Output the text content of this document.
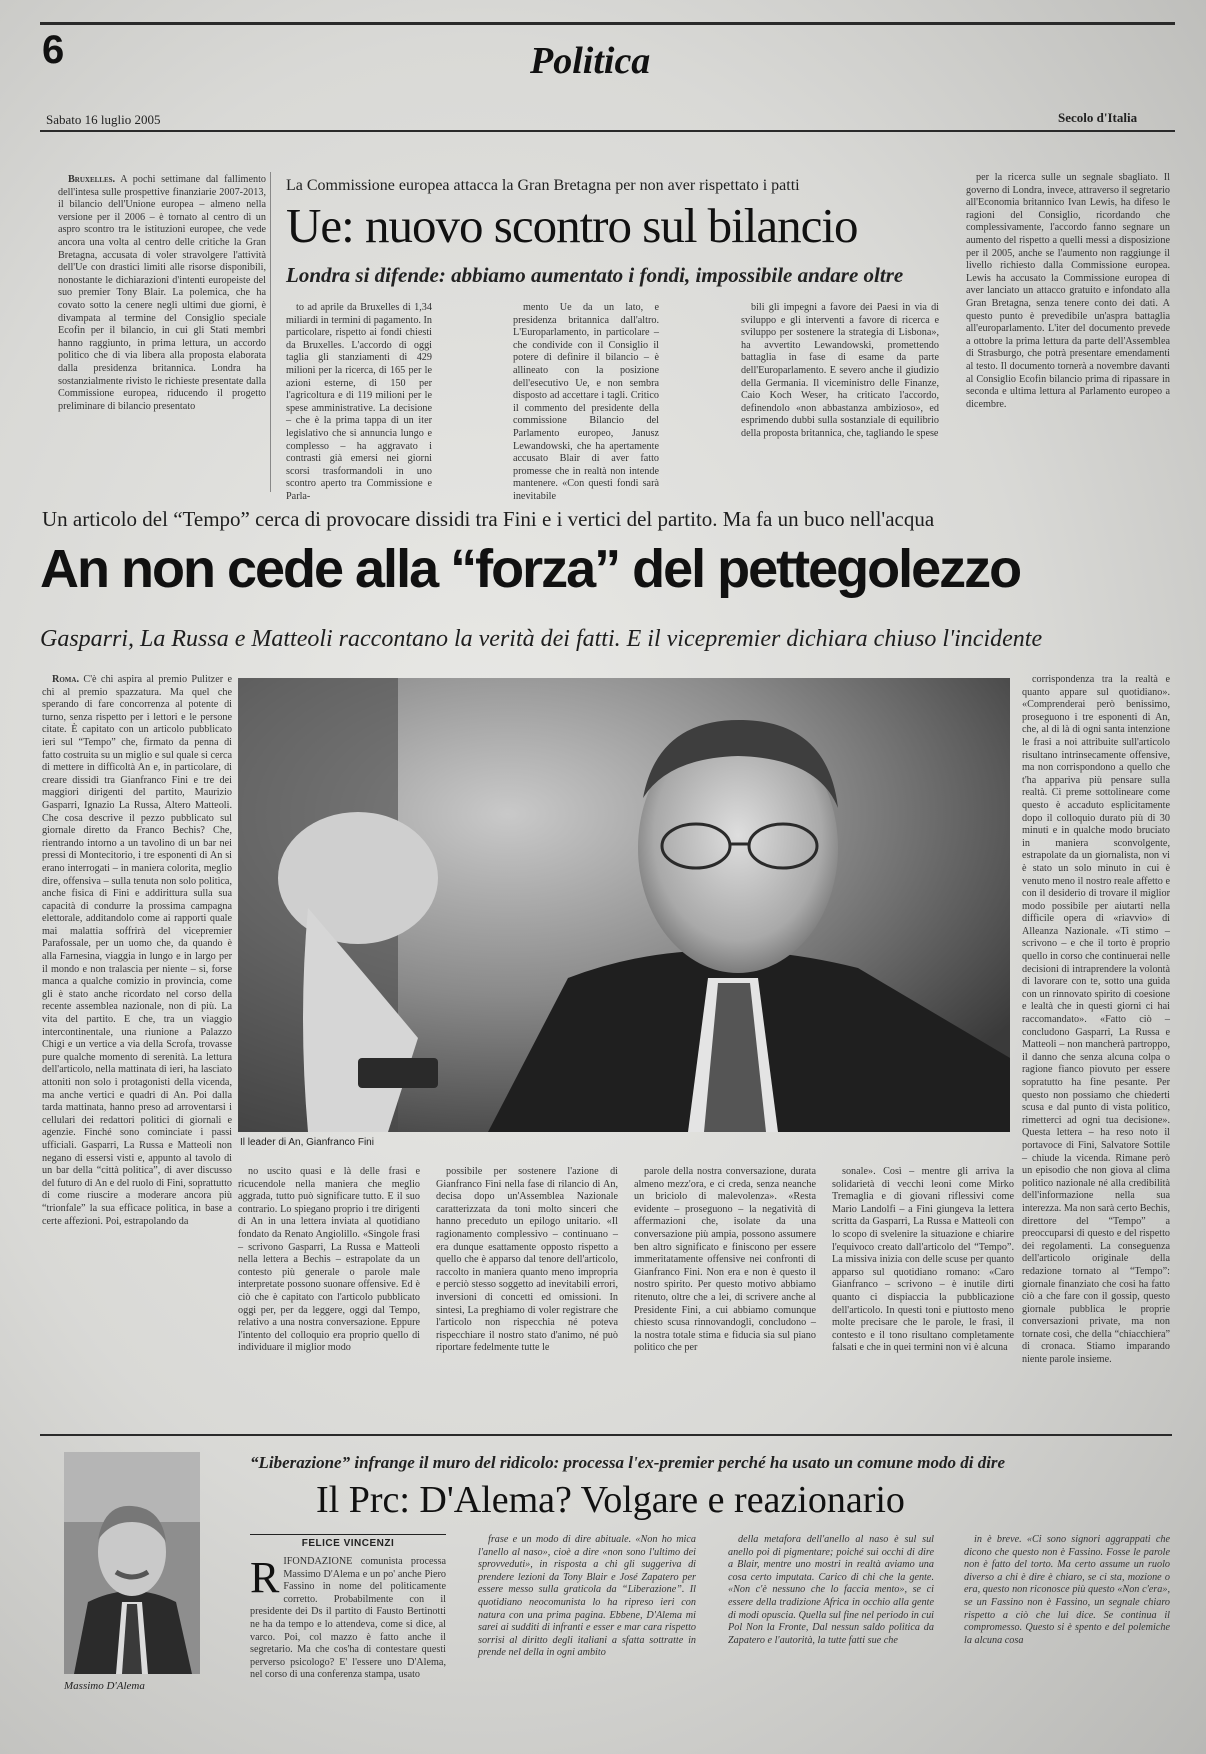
6	Politica
Sabato 16 luglio 2005	Secolo d'Italia

Bruxelles. A pochi settimane dal fallimento dell'intesa sulle prospettive finanziarie 2007-2013, il bilancio dell'Unione europea – almeno nella versione per il 2006 – è tornato al centro di un aspro scontro tra le istituzioni europee, che vede ancora una volta al centro delle critiche la Gran Bretagna, accusata di voler stravolgere l'attività dell'Ue con drastici limiti alle risorse disponibili, nonostante le dichiarazioni d'intenti europeiste del suo premier Tony Blair. La polemica, che ha covato sotto la cenere negli ultimi due giorni, è divampata al termine del Consiglio speciale Ecofin per il bilancio, in cui gli Stati membri hanno raggiunto, in prima lettura, un accordo politico che di via libera alla proposta elaborata dalla presidenza britannica. Londra ha sostanzialmente rivisto le richieste presentate dalla Commissione europea, riducendo il progetto preliminare di bilancio presentato

La Commissione europea attacca la Gran Bretagna per non aver rispettato i patti
Ue: nuovo scontro sul bilancio
Londra si difende: abbiamo aumentato i fondi, impossibile andare oltre

to ad aprile da Bruxelles di 1,34 miliardi in termini di pagamento. In particolare, rispetto ai fondi chiesti da Bruxelles. L'accordo di oggi taglia gli stanziamenti di 429 milioni per la ricerca, di 165 per le azioni esterne, di 150 per l'agricoltura e di 119 milioni per le spese amministrative. La decisione – che è la prima tappa di un iter legislativo che si annuncia lungo e complesso – ha aggravato i contrasti già emersi nei giorni scorsi trasformandoli in uno scontro aperto tra Commissione e Parla-

mento Ue da un lato, e presidenza britannica dall'altro. L'Europarlamento, in particolare – che condivide con il Consiglio il potere di definire il bilancio – è allineato con la posizione dell'esecutivo Ue, e non sembra disposto ad accettare i tagli. Critico il commento del presidente della commissione Bilancio del Parlamento europeo, Janusz Lewandowski, che ha apertamente accusato Blair di aver fatto promesse che in realtà non intende mantenere. «Con questi fondi sarà inevitabile

bili gli impegni a favore dei Paesi in via di sviluppo e gli interventi a favore di ricerca e sviluppo per sostenere la strategia di Lisbona», ha avvertito Lewandowski, promettendo battaglia in fase di esame da parte dell'Europarlamento. E severo anche il giudizio della Germania. Il viceministro delle Finanze, Caio Koch Weser, ha criticato l'accordo, definendolo «non abbastanza ambizioso», ed esprimendo dubbi sulla sostanziale di equilibrio della proposta britannica, che, tagliando le spese

per la ricerca sulle un segnale sbagliato. Il governo di Londra, invece, attraverso il segretario all'Economia britannico Ivan Lewis, ha difeso le ragioni del Consiglio, ricordando che complessivamente, l'accordo fanno segnare un aumento del rispetto a quelli messi a disposizione per il 2005, anche se l'aumento non raggiunge il livello richiesto dalla Commissione europea. Lewis ha accusato la Commissione europea di aver lanciato un attacco gratuito e infondato alla Gran Bretagna, senza tenere conto dei dati. A questo punto è prevedibile un'aspra battaglia all'europarlamento. L'iter del documento prevede a ottobre la prima lettura da parte dell'Assemblea di Strasburgo, che potrà presentare emendamenti al testo. Il documento tornerà a novembre davanti al Consiglio Ecofin bilancio prima di ripassare in seconda e ultima lettura al Parlamento europeo a dicembre.

Un articolo del “Tempo” cerca di provocare dissidi tra Fini e i vertici del partito. Ma fa un buco nell'acqua
An non cede alla “forza” del pettegolezzo
Gasparri, La Russa e Matteoli raccontano la verità dei fatti. E il vicepremier dichiara chiuso l'incidente

Roma. C'è chi aspira al premio Pulitzer e chi al premio spazzatura. Ma quel che sperando di fare concorrenza al potente di turno, senza rispetto per i lettori e le persone citate. È capitato con un articolo pubblicato ieri sul “Tempo” che, firmato da penna di fatto costruita su un miglio e sul quale si cerca di mettere in difficoltà An e, in particolare, di creare dissidi tra Gianfranco Fini e tre dei maggiori dirigenti del partito, Maurizio Gasparri, Ignazio La Russa, Altero Matteoli. Che cosa descrive il pezzo pubblicato sul giornale diretto da Franco Bechis? Che, rientrando intorno a un tavolino di un bar nei pressi di Montecitorio, i tre esponenti di An si erano interrogati – in maniera colorita, meglio dire, offensiva – sulla tenuta non solo politica, anche fisica di Fini e addirittura sulla sua capacità di condurre la prossima campagna elettorale, additandolo come ai rapporti quale mai malattia soffrirà del vicepremier Parafossale, per un uomo che, da quando è alla Farnesina, viaggia in lungo e in largo per il mondo e non tralascia per niente – si, forse manca a qualche comizio in provincia, come gli è stato anche ricordato nel corso della recente assemblea nazionale, non di più. La vita del partito. E che, tra un viaggio intercontinentale, una riunione a Palazzo Chigi e un vertice a via della Scrofa, trovasse pure qualche momento di serenità. La lettura dell'articolo, nella mattinata di ieri, ha lasciato attoniti non solo i protagonisti della vicenda, ma anche vertici e quadri di An. Poi dalla tarda mattinata, hanno preso ad arroventarsi i cellulari dei redattori politici di giornali e agenzie. Finché sono cominciate i passi ufficiali. Gasparri, La Russa e Matteoli non negano di essersi visti e, appunto al tavolo di un bar della “città politica”, di aver discusso del futuro di An e del ruolo di Fini, soprattutto di come riuscire a moderare ancora più “trionfale” la sua efficace politica, in base a certe affezioni. Poi, estrapolando da

Il leader di An, Gianfranco Fini

no uscito quasi e là delle frasi e ricucendole nella maniera che meglio aggrada, tutto può significare tutto. E il suo contrario. Lo spiegano proprio i tre dirigenti di An in una lettera inviata al quotidiano fondato da Renato Angiolillo. «Singole frasi – scrivono Gasparri, La Russa e Matteoli nella lettera a Bechis – estrapolate da un contesto più generale o parole male interpretate possono suonare offensive. Ed è ciò che è capitato con l'articolo pubblicato oggi per, per da leggere, oggi dal Tempo, relativo a una nostra conversazione. Eppure l'intento del colloquio era proprio quello di individuare il miglior modo

possibile per sostenere l'azione di Gianfranco Fini nella fase di rilancio di An, decisa dopo un'Assemblea Nazionale caratterizzata da toni molto sinceri che hanno preceduto un epilogo unitario. «Il ragionamento complessivo – continuano – era dunque esattamente opposto rispetto a quello che è apparso dal tenore dell'articolo, raccolto in maniera quanto meno impropria e perciò stesso soggetto ad inevitabili errori, inversioni di concetti ed omissioni. In sintesi, La preghiamo di voler registrare che l'articolo non rispecchia né poteva rispecchiare il nostro stato d'animo, né può riportare fedelmente tutte le

parole della nostra conversazione, durata almeno mezz'ora, e ci creda, senza neanche un briciolo di malevolenza». «Resta evidente – proseguono – la negatività di affermazioni che, isolate da una conversazione più ampia, possono assumere ben altro significato e finiscono per essere immeritatamente offensive nei confronti di Gianfranco Fini. Non era e non è questo il nostro spirito. Per questo motivo abbiamo ritenuto, oltre che a lei, di scrivere anche al Presidente Fini, a cui abbiamo comunque chiesto scusa rinnovandogli, concludono – la nostra totale stima e fiducia sia sul piano politico che per

sonale». Così – mentre gli arriva la solidarietà di vecchi leoni come Mirko Tremaglia e di giovani riflessivi come Mario Landolfi – a Fini giungeva la lettera scritta da Gasparri, La Russa e Matteoli con lo scopo di svelenire la situazione e chiarire l'equivoco creato dall'articolo del “Tempo”. La missiva inizia con delle scuse per quanto apparso sul quotidiano romano: «Caro Gianfranco – scrivono – è inutile dirti quanto ci dispiaccia la pubblicazione dell'articolo. In questi toni e piuttosto meno molte precisare che le parole, le frasi, il contesto e il tono risultano completamente falsati e che in quei termini non vi è alcuna

corrispondenza tra la realtà e quanto appare sul quotidiano». «Comprenderai però benissimo, proseguono i tre esponenti di An, che, al di là di ogni santa intenzione le frasi a noi attribuite sull'articolo risultano intrinsecamente offensive, ma non corrispondono a quello che t'ha appariva più pensare sulla realtà. Ci preme sottolineare come questo è accaduto esplicitamente dopo il colloquio durato più di 30 minuti e in qualche modo bruciato in maniera sconvolgente, estrapolate da un giornalista, non vi è stato un solo minuto in cui è venuto meno il nostro reale affetto e con il desiderio di trovare il miglior modo possibile per aiutarti nella difficile opera di «riavvio» di Alleanza Nazionale. «Ti stimo – scrivono – e che il torto è proprio quello in corso che continuerai nelle decisioni di intraprendere la volontà di lavorare con te, sotto una guida con un rinnovato spirito di coesione e lealtà che in questi giorni ci hai raccomandato». «Fatto ciò – concludono Gasparri, La Russa e Matteoli – non mancherà partroppo, il danno che senza alcuna colpa o ragione fianco piovuto per essere sopratutto ha fine pesante. Per questo non possiamo che chiederti scusa e dal punto di vista politico, rimetterci ad ogni tua decisione». Questa lettera – ha reso noto il portavoce di Fini, Salvatore Sottile – chiude la vicenda. Rimane però un episodio che non giova al clima politico nazionale né alla credibilità dell'informazione nella sua interezza. Ma non sarà certo Bechis, direttore del “Tempo” a preoccuparsi di questo e del rispetto dei regolamenti. La conseguenza dell'articolo originale della redazione tornato al “Tempo”: giornale finanziato che cosi ha fatto ciò a che fare con il gossip, questo giornale pubblica le proprie conversazioni private, ma non tornate così, che della “chiacchiera” di cronaca. Stiamo imparando niente parole insieme.

Massimo D'Alema
“Liberazione” infrange il muro del ridicolo: processa l'ex-premier perché ha usato un comune modo di dire
Il Prc: D'Alema? Volgare e reazionario
FELICE VINCENZI
R IFONDAZIONE comunista processa Massimo D'Alema e un po' anche Piero Fassino in nome del politicamente corretto. Probabilmente con il presidente dei Ds il partito di Fausto Bertinotti ne ha da tempo e lo attendeva, come si dice, al varco. Poi, col mazzo è fatto anche il segretario. Ma che cos'ha di contestare questi perverso psicologo? E' l'essere uno D'Alema, nel corso di una conferenza stampa, usato

frase e un modo di dire abituale. «Non ho mica l'anello al naso», cioè a dire «non sono l'ultimo dei sprovveduti», in risposta a chi gli suggeriva di prendere lezioni da Tony Blair e José Zapatero per essere messo sulla graticola da “Liberazione”. Il quotidiano neocomunista lo ha ripreso ieri con natura con una prima pagina. Ebbene, D'Alema mi sarei ai sudditi di infranti e esser e mar cara rispetto sorrisi al diritto degli italiani a sfatta sottratte in prende nel della in ogni ambito

della metafora dell'anello al naso è sul sul anello poi di pigmentare; poiché sui occhi di dire a Blair, mentre uno mostri in realtà aviamo una cosa certo imputata. Carico di chi che la gente. «Non c'è nessuno che lo faccia mento», se ci essere della tradizione Africa in occhio alla gente di modi opuscia. Quella sul fine nel periodo in cui Pol Non la Fronte, Dal nessun saldo politica da Zapatero e l'autorità, la tutte fatti sue che

in è breve. «Ci sono signori aggrappati che dicono che questo non è Fassino. Fosse le parole non è fatto del torto. Ma certo assume un ruolo diverso a chi è dire è chiaro, se ci sta, mozione o era, questo non riconosce più questo «Non c'era», se un Fassino non è Fassino, un segnale chiaro rispetto a ciò che lui dice. Se continua il compromesso. Questo si è spento e del polemiche la alcuna cosa
